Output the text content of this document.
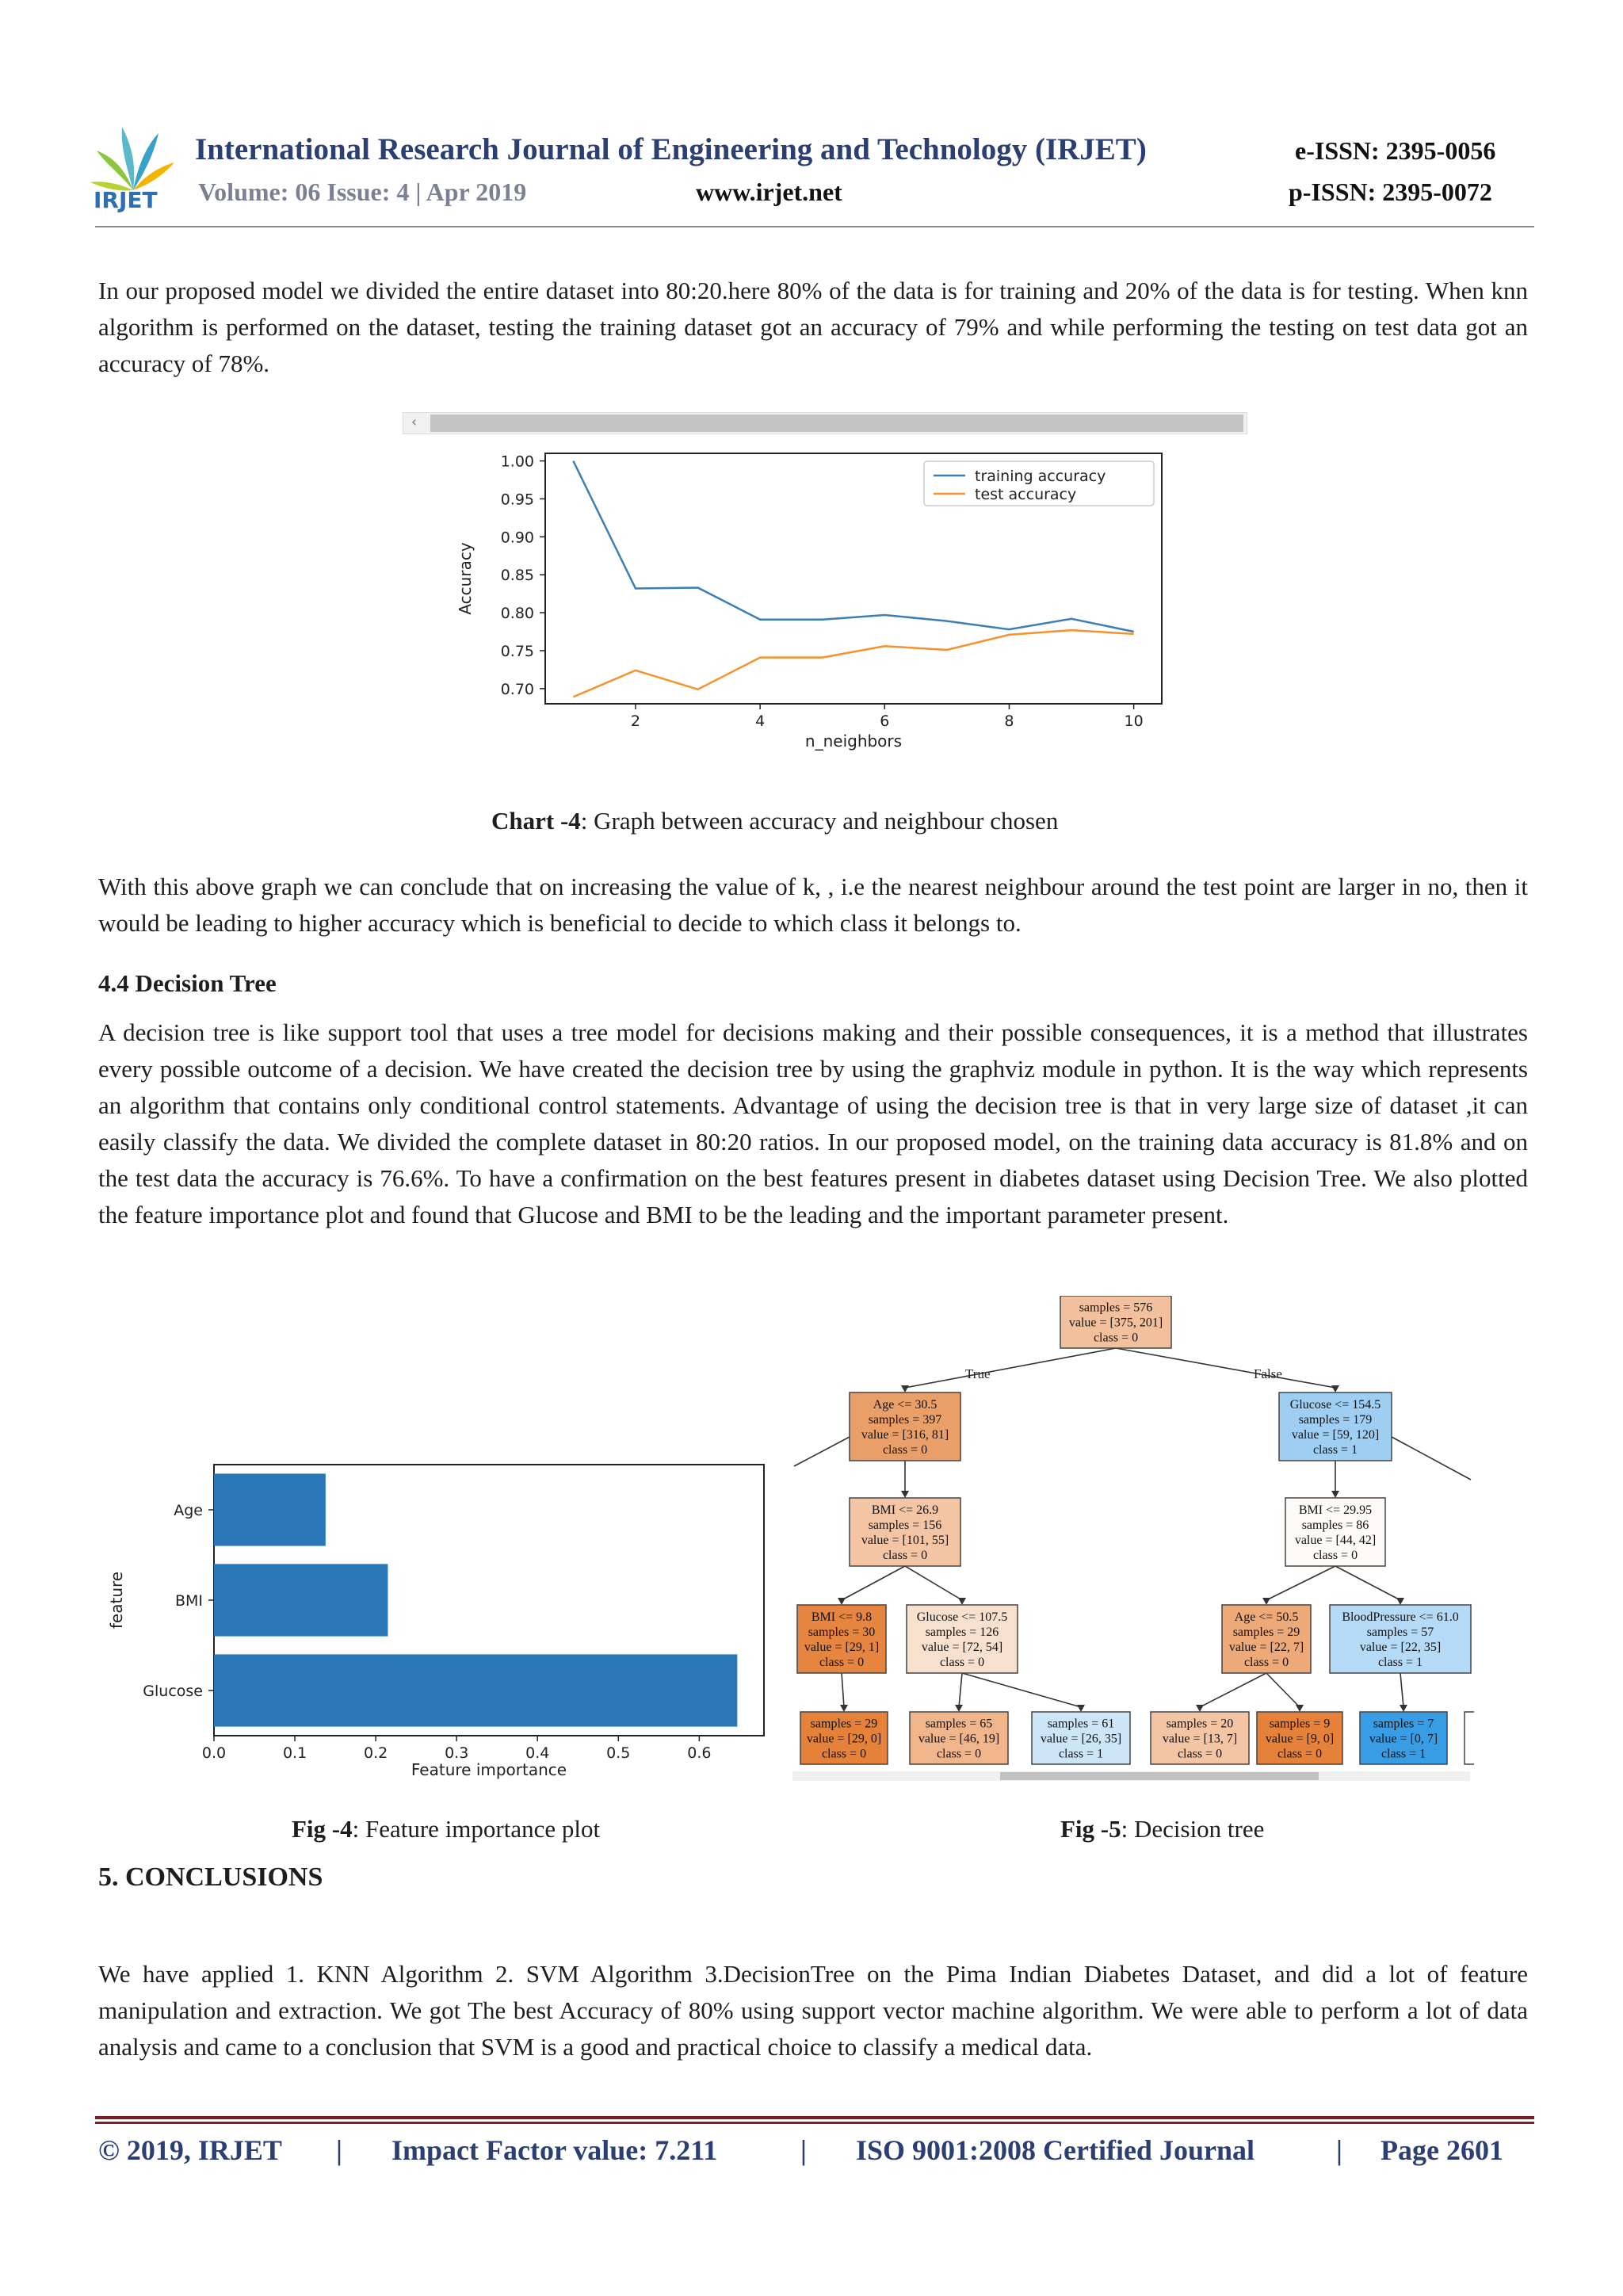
IRJET
International Research Journal of Engineering and Technology (IRJET)	e-ISSN: 2395-0056
Volume: 06 Issue: 4 | Apr 2019	www.irjet.net	p-ISSN: 2395-0072
In our proposed model we divided the entire dataset into 80:20.here 80% of the data is for training and 20% of the data is for testing. When knn algorithm is performed on the dataset, testing the training dataset got an accuracy of 79% and while performing the testing on test data got an accuracy of 78%.
‹
0.70
0.75
0.80
0.85
0.90
0.95
1.00
2	4	6	8	10
n_neighbors
Accuracy
training accuracy
test accuracy
Chart -4: Graph between accuracy and neighbour chosen
With this above graph we can conclude that on increasing the value of k, , i.e the nearest neighbour around the test point are larger in no, then it would be leading to higher accuracy which is beneficial to decide to which class it belongs to.
4.4 Decision Tree
A decision tree is like support tool that uses a tree model for decisions making and their possible consequences, it is a method that illustrates every possible outcome of a decision. We have created the decision tree by using the graphviz module in python. It is the way which represents an algorithm that contains only conditional control statements. Advantage of using the decision tree is that in very large size of dataset ,it can easily classify the data. We divided the complete dataset in 80:20 ratios. In our proposed model, on the training data accuracy is 81.8% and on the test data the accuracy is 76.6%. To have a confirmation on the best features present in diabetes dataset using Decision Tree. We also plotted the feature importance plot and found that Glucose and BMI to be the leading and the important parameter present.
Age
BMI
Glucose
0.0	0.1	0.2	0.3	0.4	0.5	0.6
Feature importance
feature
True	False
samples = 576
value = [375, 201]
class = 0
Age <= 30.5
samples = 397
value = [316, 81]
class = 0
Glucose <= 154.5
samples = 179
value = [59, 120]
class = 1
BMI <= 26.9
samples = 156
value = [101, 55]
class = 0
BMI <= 29.95
samples = 86
value = [44, 42]
class = 0
BMI <= 9.8
samples = 30
value = [29, 1]
class = 0
Glucose <= 107.5
samples = 126
value = [72, 54]
class = 0
Age <= 50.5
samples = 29
value = [22, 7]
class = 0
BloodPressure <= 61.0
samples = 57
value = [22, 35]
class = 1
samples = 29
value = [29, 0]
class = 0
samples = 65
value = [46, 19]
class = 0
samples = 61
value = [26, 35]
class = 1
samples = 20
value = [13, 7]
class = 0
samples = 9
value = [9, 0]
class = 0
samples = 7
value = [0, 7]
class = 1
Fig -4: Feature importance plot	Fig -5: Decision tree
5. CONCLUSIONS
We have applied 1. KNN Algorithm 2. SVM Algorithm 3.DecisionTree on the Pima Indian Diabetes Dataset, and did a lot of feature manipulation and extraction. We got The best Accuracy of 80% using support vector machine algorithm. We were able to perform a lot of data analysis and came to a conclusion that SVM is a good and practical choice to classify a medical data.
© 2019, IRJET | Impact Factor value: 7.211	| ISO 9001:2008 Certified Journal	| Page 2601
